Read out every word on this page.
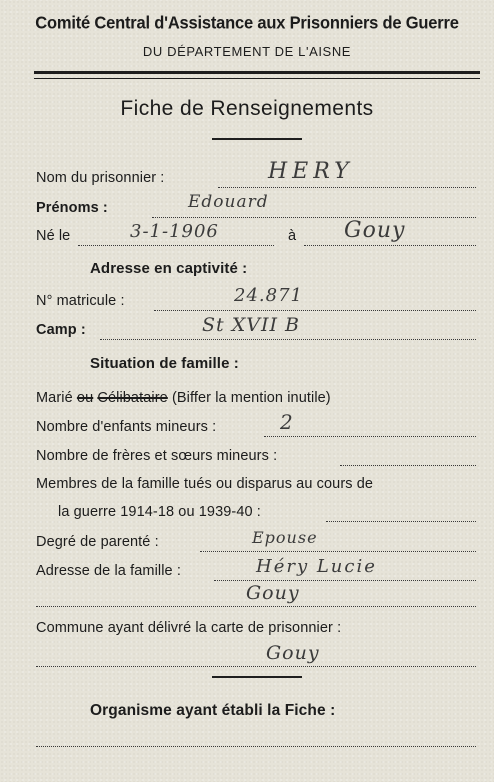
Comité Central d'Assistance aux Prisonniers de Guerre
DU DÉPARTEMENT DE L'AISNE
Fiche de Renseignements
Nom du prisonnier :	HERY
Prénoms :	Edouard
Né le	3-1-1906	à Gouy
Adresse en captivité :
N° matricule :	24.871
Camp :	St XVII B
Situation de famille :
Marié ou Célibataire (Biffer la mention inutile)
Nombre d'enfants mineurs :	2
Nombre de frères et sœurs mineurs :
Membres de la famille tués ou disparus au cours de
la guerre 1914-18 ou 1939-40 :
Degré de parenté :	Epouse
Adresse de la famille :	Héry Lucie
Gouy
Commune ayant délivré la carte de prisonnier :
Gouy
Organisme ayant établi la Fiche :
